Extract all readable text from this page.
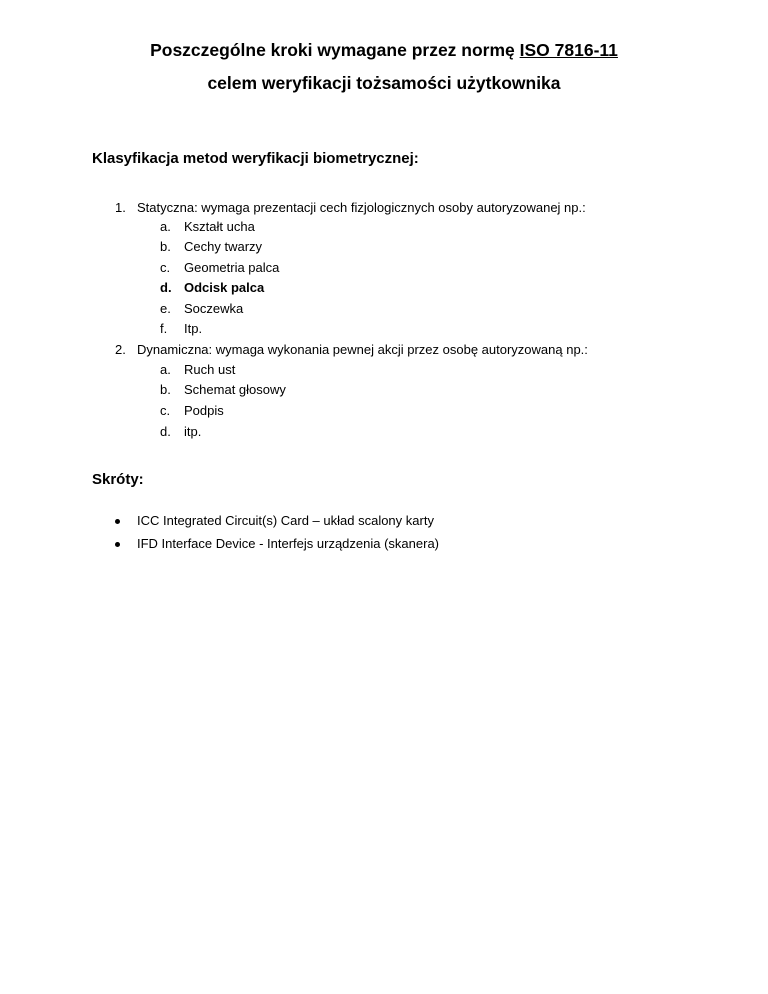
Poszczególne kroki wymagane przez normę ISO 7816-11
celem weryfikacji tożsamości użytkownika
Klasyfikacja metod weryfikacji biometrycznej:
1. Statyczna: wymaga prezentacji cech fizjologicznych osoby autoryzowanej np.:
a. Kształt ucha
b. Cechy twarzy
c. Geometria palca
d. Odcisk palca
e. Soczewka
f. Itp.
2. Dynamiczna: wymaga wykonania pewnej akcji przez osobę autoryzowaną np.:
a. Ruch ust
b. Schemat głosowy
c. Podpis
d. itp.
Skróty:
ICC Integrated Circuit(s) Card – układ scalony karty
IFD Interface Device - Interfejs urządzenia (skanera)
